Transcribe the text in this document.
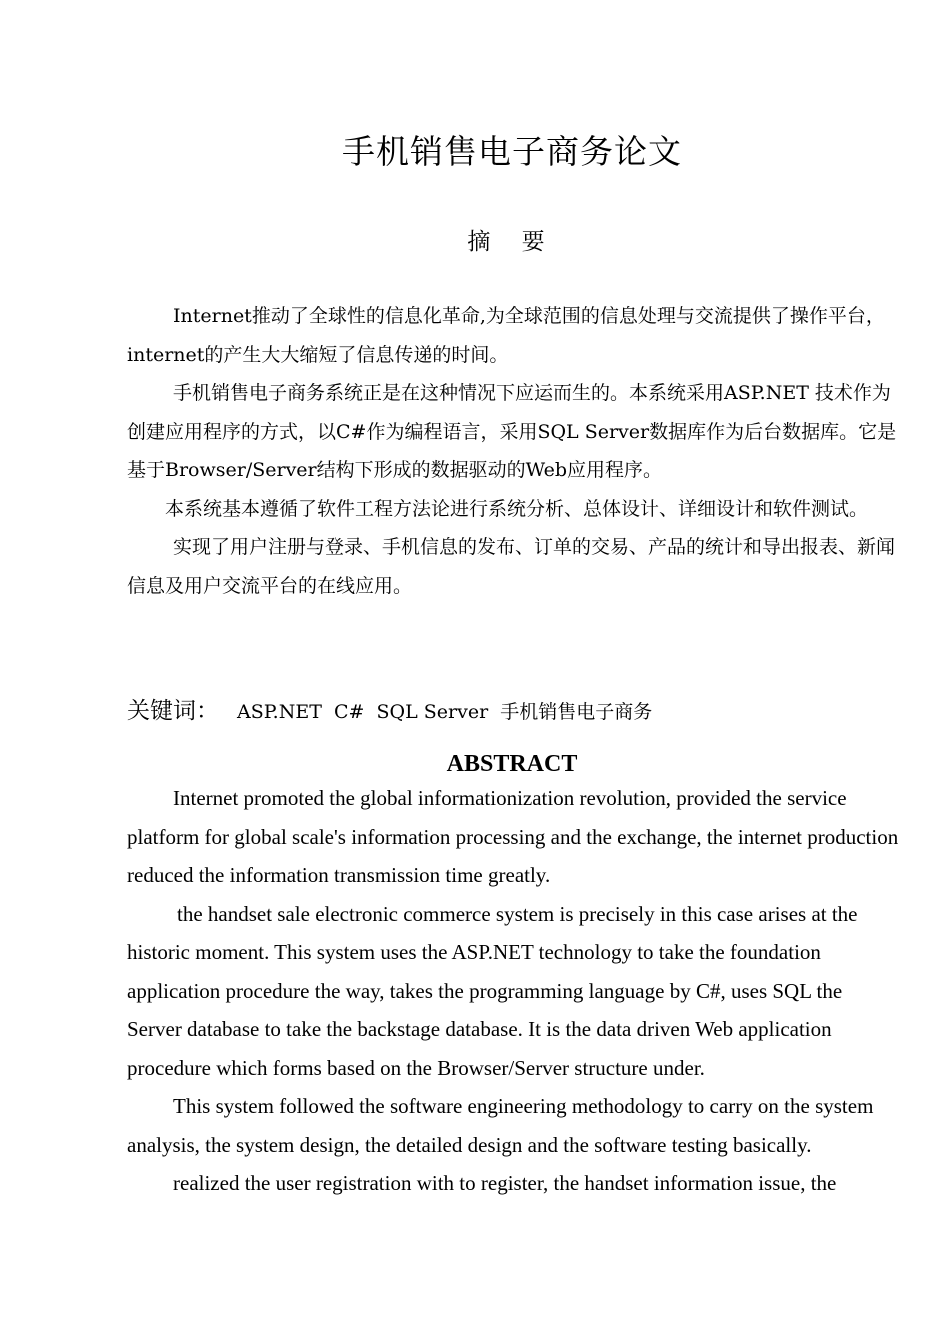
手机销售电子商务论文
摘 要

Internet推动了全球性的信息化革命,为全球范围的信息处理与交流提供了操作平台，internet的产生大大缩短了信息传递的时间。

手机销售电子商务系统正是在这种情况下应运而生的。本系统采用ASP.NET 技术作为创建应用程序的方式，以C#作为编程语言，采用SQL Server数据库作为后台数据库。它是基于Browser/Server结构下形成的数据驱动的Web应用程序。

本系统基本遵循了软件工程方法论进行系统分析、总体设计、详细设计和软件测试。

实现了用户注册与登录、手机信息的发布、订单的交易、产品的统计和导出报表、新闻信息及用户交流平台的在线应用。

关键词： ASP.NET  C#  SQL Server  手机销售电子商务
ABSTRACT

Internet promoted the global informationization revolution, provided the service platform for global scale's information processing and the exchange, the internet production reduced the information transmission time greatly.

the handset sale electronic commerce system is precisely in this case arises at the historic moment. This system uses the ASP.NET technology to take the foundation application procedure the way, takes the programming language by C#, uses SQL the Server database to take the backstage database. It is the data driven Web application procedure which forms based on the Browser/Server structure under.

This system followed the software engineering methodology to carry on the system analysis, the system design, the detailed design and the software testing basically.

realized the user registration with to register, the handset information issue, the
